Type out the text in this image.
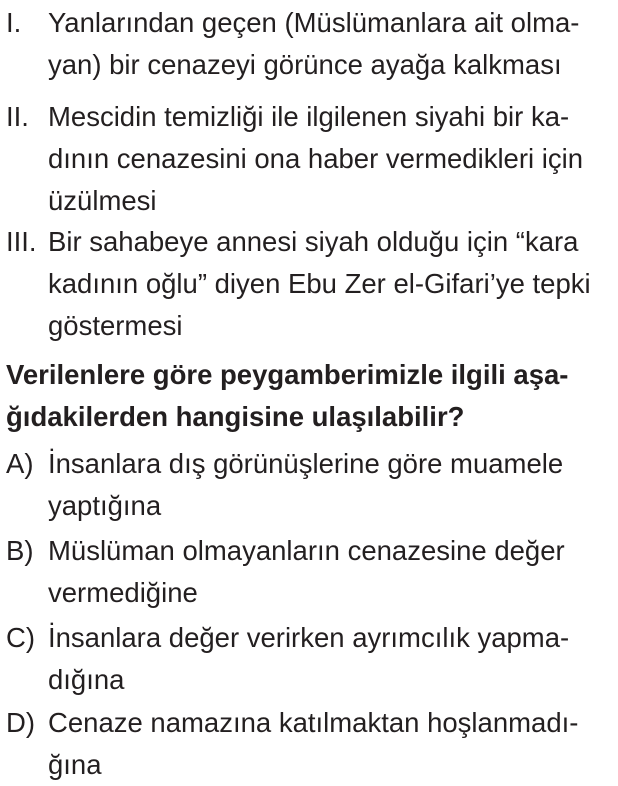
I. Yanlarından geçen (Müslümanlara ait olma-
yan) bir cenazeyi görünce ayağa kalkması
II. Mescidin temizliği ile ilgilenen siyahi bir ka-
dının cenazesini ona haber vermedikleri için
üzülmesi
III. Bir sahabeye annesi siyah olduğu için “kara
kadının oğlu” diyen Ebu Zer el-Gifari’ye tepki
göstermesi
Verilenlere göre peygamberimizle ilgili aşa-
ğıdakilerden hangisine ulaşılabilir?
A) İnsanlara dış görünüşlerine göre muamele
yaptığına
B) Müslüman olmayanların cenazesine değer
vermediğine
C) İnsanlara değer verirken ayrımcılık yapma-
dığına
D) Cenaze namazına katılmaktan hoşlanmadı-
ğına
